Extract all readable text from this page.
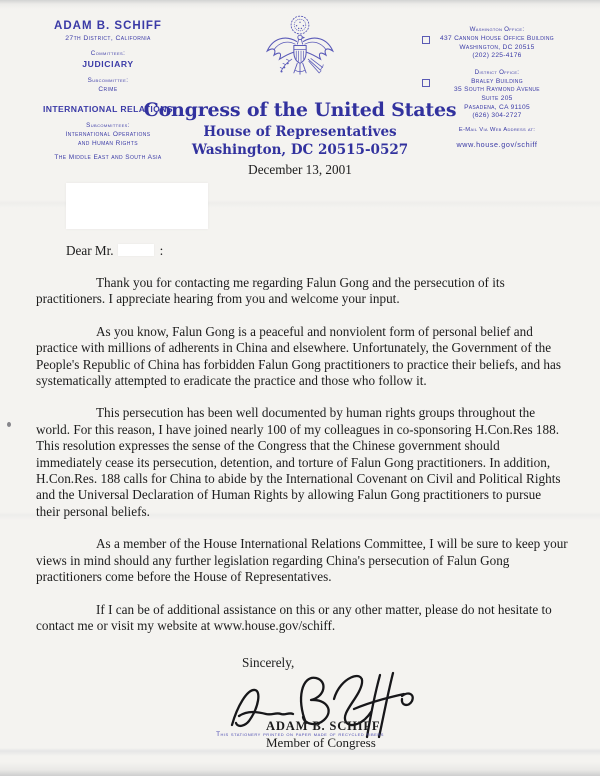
ADAM B. SCHIFF
27th District, California
Committees:
JUDICIARY
Subcommittee:
Crime
INTERNATIONAL RELATIONS
Subcommittees:
International Operations
and Human Rights
The Middle East and South Asia
Washington Office:
437 Cannon House Office Building
Washington, DC 20515
(202) 225-4176
District Office:
Braley Building
35 South Raymond Avenue
Suite 205
Pasadena, CA 91105
(626) 304-2727
E-Mail Via Web Address at:
www.house.gov/schiff
Congress of the United States
House of Representatives
Washington, DC 20515-0527
December 13, 2001
Dear Mr.	:

Thank you for contacting me regarding Falun Gong and the persecution of its practitioners. I appreciate hearing from you and welcome your input.

As you know, Falun Gong is a peaceful and nonviolent form of personal belief and practice with millions of adherents in China and elsewhere. Unfortunately, the Government of the People's Republic of China has forbidden Falun Gong practitioners to practice their beliefs, and has systematically attempted to eradicate the practice and those who follow it.

This persecution has been well documented by human rights groups throughout the world. For this reason, I have joined nearly 100 of my colleagues in co-sponsoring H.Con.Res 188. This resolution expresses the sense of the Congress that the Chinese government should immediately cease its persecution, detention, and torture of Falun Gong practitioners. In addition, H.Con.Res. 188 calls for China to abide by the International Covenant on Civil and Political Rights and the Universal Declaration of Human Rights by allowing Falun Gong practitioners to pursue their personal beliefs.

As a member of the House International Relations Committee, I will be sure to keep your views in mind should any further legislation regarding China's persecution of Falun Gong practitioners come before the House of Representatives.

If I can be of additional assistance on this or any other matter, please do not hesitate to contact me or visit my website at www.house.gov/schiff.

Sincerely,
ADAM B. SCHIFF
Member of Congress
This stationery printed on paper made of recycled fibers
